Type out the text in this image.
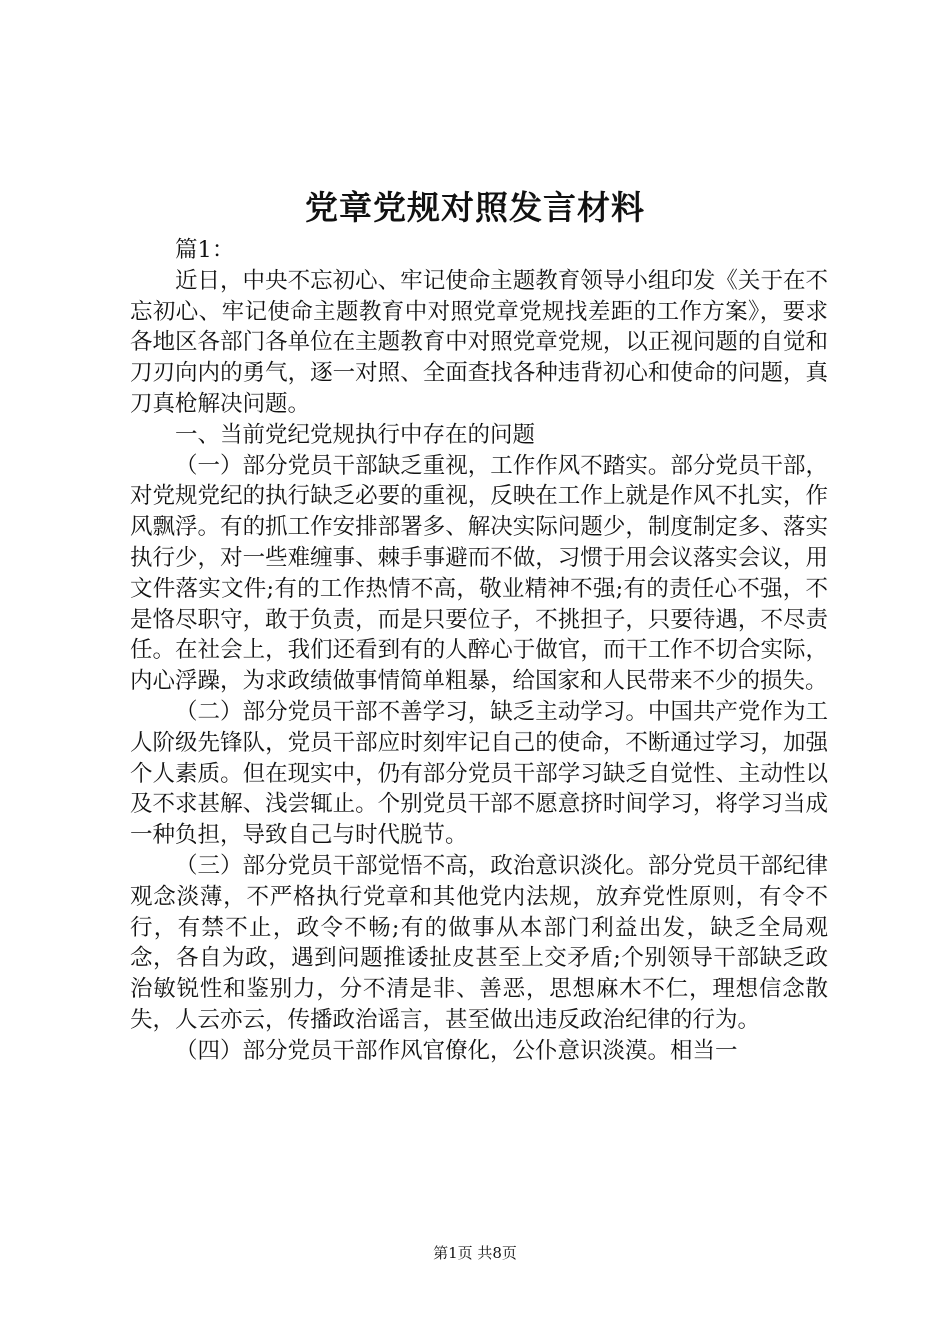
党章党规对照发言材料

篇1：

近日，中央不忘初心、牢记使命主题教育领导小组印发《关于在不忘初心、牢记使命主题教育中对照党章党规找差距的工作方案》，要求各地区各部门各单位在主题教育中对照党章党规，以正视问题的自觉和刀刃向内的勇气，逐一对照、全面查找各种违背初心和使命的问题，真刀真枪解决问题。

一、当前党纪党规执行中存在的问题

（一）部分党员干部缺乏重视，工作作风不踏实。部分党员干部，对党规党纪的执行缺乏必要的重视，反映在工作上就是作风不扎实，作风飘浮。有的抓工作安排部署多、解决实际问题少，制度制定多、落实执行少，对一些难缠事、棘手事避而不做，习惯于用会议落实会议，用文件落实文件;有的工作热情不高，敬业精神不强;有的责任心不强，不是恪尽职守，敢于负责，而是只要位子，不挑担子，只要待遇，不尽责任。在社会上，我们还看到有的人醉心于做官，而干工作不切合实际，内心浮躁，为求政绩做事情简单粗暴，给国家和人民带来不少的损失。

（二）部分党员干部不善学习，缺乏主动学习。中国共产党作为工人阶级先锋队，党员干部应时刻牢记自己的使命，不断通过学习，加强个人素质。但在现实中，仍有部分党员干部学习缺乏自觉性、主动性以及不求甚解、浅尝辄止。个别党员干部不愿意挤时间学习，将学习当成一种负担，导致自己与时代脱节。

（三）部分党员干部觉悟不高，政治意识淡化。部分党员干部纪律观念淡薄，不严格执行党章和其他党内法规，放弃党性原则，有令不行，有禁不止，政令不畅;有的做事从本部门利益出发，缺乏全局观念，各自为政，遇到问题推诿扯皮甚至上交矛盾;个别领导干部缺乏政治敏锐性和鉴别力，分不清是非、善恶，思想麻木不仁，理想信念散失，人云亦云，传播政治谣言，甚至做出违反政治纪律的行为。

（四）部分党员干部作风官僚化，公仆意识淡漠。相当一

第1页 共8页
